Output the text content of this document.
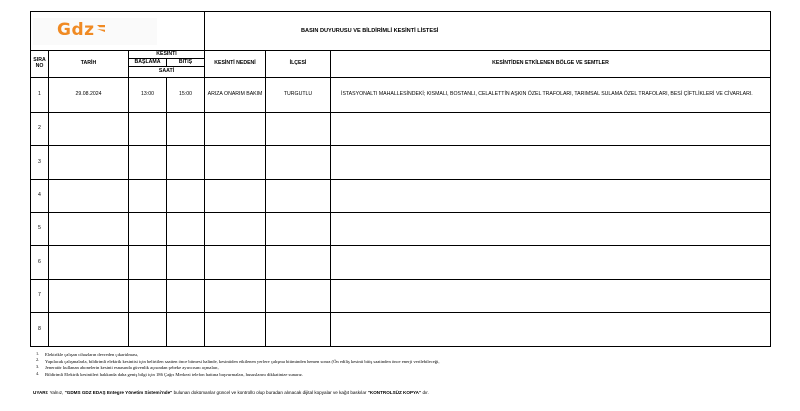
Gdz				BASIN DUYURUSU VE BİLDİRİMLİ KESİNTİ LİSTESİ		
SIRA NO	TARİH	KESİNTİ		KESİNTİ NEDENİ	İLÇESİ	KESİNTİDEN ETKİLENEN BÖLGE VE SEMTLER
		BAŞLAMA	BİTİŞ			
		SAATİ				
1	29.08.2024	13:00	15:00	ARIZA ONARIM BAKIM	TURGUTLU	İSTASYONALTI MAHALLESİNDEKİ; KISMALI, BOSTANLI, CELALETTİN AŞKIN ÖZEL TRAFOLARI, TARIMSAL SULAMA ÖZEL TRAFOLARI, BESİ ÇİFTLİKLERİ VE CİVARLARI.
2						
3						
4						
5						
6						
7						
8						
1.	Elektrikle çalışan cihazların devreden çıkartılması,
2.	Yapılacak çalışmalarla, bildirimli elektrik kesintisi için belirtilen saatten önce bitmesi halinde, kesintiden etkilenen yerlere çalışma bitiminden hemen sonra (Ön ediliş kesinti bitiş saatinden önce enerji verilebileceği,
3.	Jeneratör kullanan abonelerin kesinti esnasında güvenlik açısından şebeke ayırıcısını açmaları,
4.	Bildirimli Elektrik kesintileri hakkında daha geniş bilgi için 186 Çağrı Merkezi telefon hattına başvurmaları, hususlarını dikkatinize sunarız.
UYARI: Yalnız, "GDMS GDZ EDAŞ Entegre Yönetim Sistemi'nde" bulunan dokümanlar güncel ve kontrollü olup buradan alınacak dijital kopyalar ve kağıt baskılar "KONTROLSÜZ KOPYA" dır.
